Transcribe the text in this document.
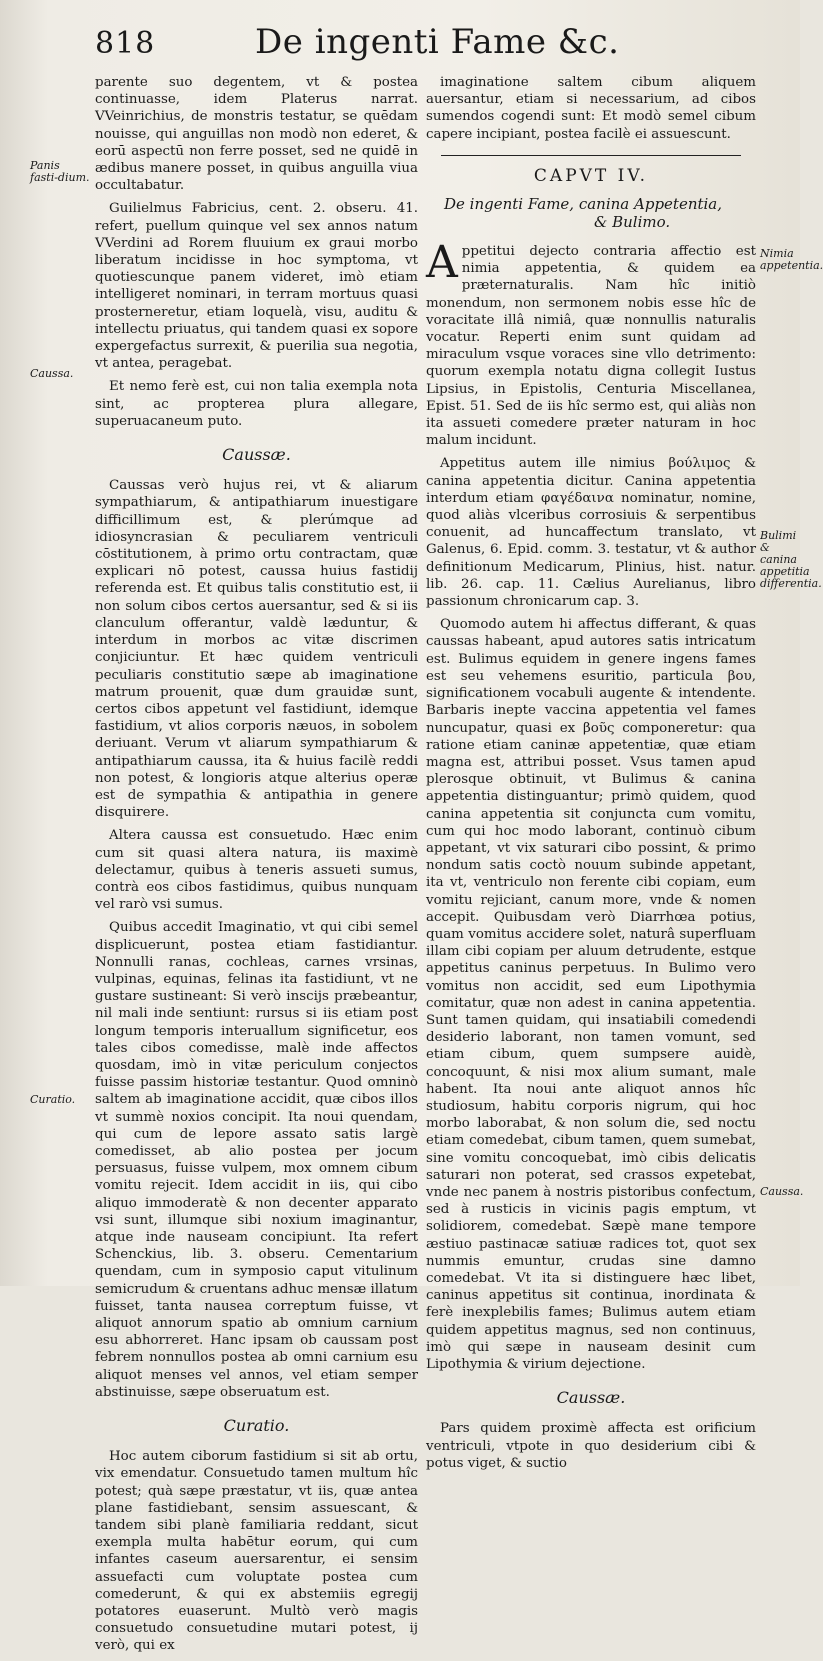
818	De ingenti Fame &c.
Panis fasti-dium.
Caussa.
Curatio.
Nimia appetentia.
Bulimi & canina appetitia differentia.
Caussa.

parente suo degentem, vt & postea continuasse, idem Platerus narrat. VVeinrichius, de monstris testatur, se quēdam nouisse, qui anguillas non modò non ederet, & eorū aspectū non ferre posset, sed ne quidē in ædibus manere posset, in quibus anguilla viua occultabatur.

Guilielmus Fabricius, cent. 2. obseru. 41. refert, puellum quinque vel sex annos natum VVerdini ad Rorem fluuium ex graui morbo liberatum incidisse in hoc symptoma, vt quotiescunque panem videret, imò etiam intelligeret nominari, in terram mortuus quasi prosterneretur, etiam loquelà, visu, auditu & intellectu priuatus, qui tandem quasi ex sopore expergefactus surrexit, & puerilia sua negotia, vt antea, peragebat.

Et nemo ferè est, cui non talia exempla nota sint, ac propterea plura allegare, superuacaneum puto.

Caussæ.

Caussas verò hujus rei, vt & aliarum sympathiarum, & antipathiarum inuestigare difficillimum est, & plerúmque ad idiosyncrasian & peculiarem ventriculi cōstitutionem, à primo ortu contractam, quæ explicari nō potest, caussa huius fastidij referenda est. Et quibus talis constitutio est, ii non solum cibos certos auersantur, sed & si iis clanculum offerantur, valdè læduntur, & interdum in morbos ac vitæ discrimen conjiciuntur. Et hæc quidem ventriculi peculiaris constitutio sæpe ab imaginatione matrum prouenit, quæ dum grauidæ sunt, certos cibos appetunt vel fastidiunt, idemque fastidium, vt alios corporis næuos, in sobolem deriuant. Verum vt aliarum sympathiarum & antipathiarum caussa, ita & huius facilè reddi non potest, & longioris atque alterius operæ est de sympathia & antipathia in genere disquirere.

Altera caussa est consuetudo. Hæc enim cum sit quasi altera natura, iis maximè delectamur, quibus à teneris assueti sumus, contrà eos cibos fastidimus, quibus nunquam vel rarò vsi sumus.

Quibus accedit Imaginatio, vt qui cibi semel displicuerunt, postea etiam fastidiantur. Nonnulli ranas, cochleas, carnes vrsinas, vulpinas, equinas, felinas ita fastidiunt, vt ne gustare sustineant: Si verò inscijs præbeantur, nil mali inde sentiunt: rursus si iis etiam post longum temporis interuallum significetur, eos tales cibos comedisse, malè inde affectos quosdam, imò in vitæ periculum conjectos fuisse passim historiæ testantur. Quod omninò saltem ab imaginatione accidit, quæ cibos illos vt summè noxios concipit. Ita noui quendam, qui cum de lepore assato satis largè comedisset, ab alio postea per jocum persuasus, fuisse vulpem, mox omnem cibum vomitu rejecit. Idem accidit in iis, qui cibo aliquo immoderatè & non decenter apparato vsi sunt, illumque sibi noxium imaginantur, atque inde nauseam concipiunt. Ita refert Schenckius, lib. 3. obseru. Cementarium quendam, cum in symposio caput vitulinum semicrudum & cruentans adhuc mensæ illatum fuisset, tanta nausea correptum fuisse, vt aliquot annorum spatio ab omnium carnium esu abhorreret. Hanc ipsam ob caussam post febrem nonnullos postea ab omni carnium esu aliquot menses vel annos, vel etiam semper abstinuisse, sæpe obseruatum est.

Curatio.

Hoc autem ciborum fastidium si sit ab ortu, vix emendatur. Consuetudo tamen multum hîc potest; quà sæpe præstatur, vt iis, quæ antea plane fastidiebant, sensim assuescant, & tandem sibi planè familiaria reddant, sicut exempla multa habētur eorum, qui cum infantes caseum auersarentur, ei sensim assuefacti cum voluptate postea cum comederunt, & qui ex abstemiis egregij potatores euaserunt. Multò verò magis consuetudo consuetudine mutari potest, ij verò, qui ex

imaginatione saltem cibum aliquem auersantur, etiam si necessarium, ad cibos sumendos cogendi sunt: Et modò semel cibum capere incipiant, postea facilè ei assuescunt.

CAPVT IV.
De ingenti Fame, canina Appetentia,
& Bulimo.

Appetitui dejecto contraria affectio est nimia appetentia, & quidem ea præternaturalis. Nam hîc initiò monendum, non sermonem nobis esse hîc de voracitate illâ nimiâ, quæ nonnullis naturalis vocatur. Reperti enim sunt quidam ad miraculum vsque voraces sine vllo detrimento: quorum exempla notatu digna collegit Iustus Lipsius, in Epistolis, Centuria Miscellanea, Epist. 51. Sed de iis hîc sermo est, qui aliàs non ita assueti comedere præter naturam in hoc malum incidunt.

Appetitus autem ille nimius βούλιμος & canina appetentia dicitur. Canina appetentia interdum etiam φαγέδαινα nominatur, nomine, quod aliàs vlceribus corrosiuis & serpentibus conuenit, ad huncaffectum translato, vt Galenus, 6. Epid. comm. 3. testatur, vt & author definitionum Medicarum, Plinius, hist. natur. lib. 26. cap. 11. Cælius Aurelianus, libro passionum chronicarum cap. 3.

Quomodo autem hi affectus differant, & quas caussas habeant, apud autores satis intricatum est. Bulimus equidem in genere ingens fames est seu vehemens esuritio, particula βου, significationem vocabuli augente & intendente. Barbaris inepte vaccina appetentia vel fames nuncupatur, quasi ex βοῦς componeretur: qua ratione etiam caninæ appetentiæ, quæ etiam magna est, attribui posset. Vsus tamen apud plerosque obtinuit, vt Bulimus & canina appetentia distinguantur; primò quidem, quod canina appetentia sit conjuncta cum vomitu, cum qui hoc modo laborant, continuò cibum appetant, vt vix saturari cibo possint, & primo nondum satis coctò nouum subinde appetant, ita vt, ventriculo non ferente cibi copiam, eum vomitu rejiciant, canum more, vnde & nomen accepit. Quibusdam verò Diarrhœa potius, quam vomitus accidere solet, naturâ superfluam illam cibi copiam per aluum detrudente, estque appetitus caninus perpetuus. In Bulimo vero vomitus non accidit, sed eum Lipothymia comitatur, quæ non adest in canina appetentia. Sunt tamen quidam, qui insatiabili comedendi desiderio laborant, non tamen vomunt, sed etiam cibum, quem sumpsere auidè, concoquunt, & nisi mox alium sumant, male habent. Ita noui ante aliquot annos hîc studiosum, habitu corporis nigrum, qui hoc morbo laborabat, & non solum die, sed noctu etiam comedebat, cibum tamen, quem sumebat, sine vomitu concoquebat, imò cibis delicatis saturari non poterat, sed crassos expetebat, vnde nec panem à nostris pistoribus confectum, sed à rusticis in vicinis pagis emptum, vt solidiorem, comedebat. Sæpè mane tempore æstiuo pastinacæ satiuæ radices tot, quot sex nummis emuntur, crudas sine damno comedebat. Vt ita si distinguere hæc libet, caninus appetitus sit continua, inordinata & ferè inexplebilis fames; Bulimus autem etiam quidem appetitus magnus, sed non continuus, imò qui sæpe in nauseam desinit cum Lipothymia & virium dejectione.

Caussæ.

Pars quidem proximè affecta est orificium ventriculi, vtpote in quo desiderium cibi & potus viget, & suctio
